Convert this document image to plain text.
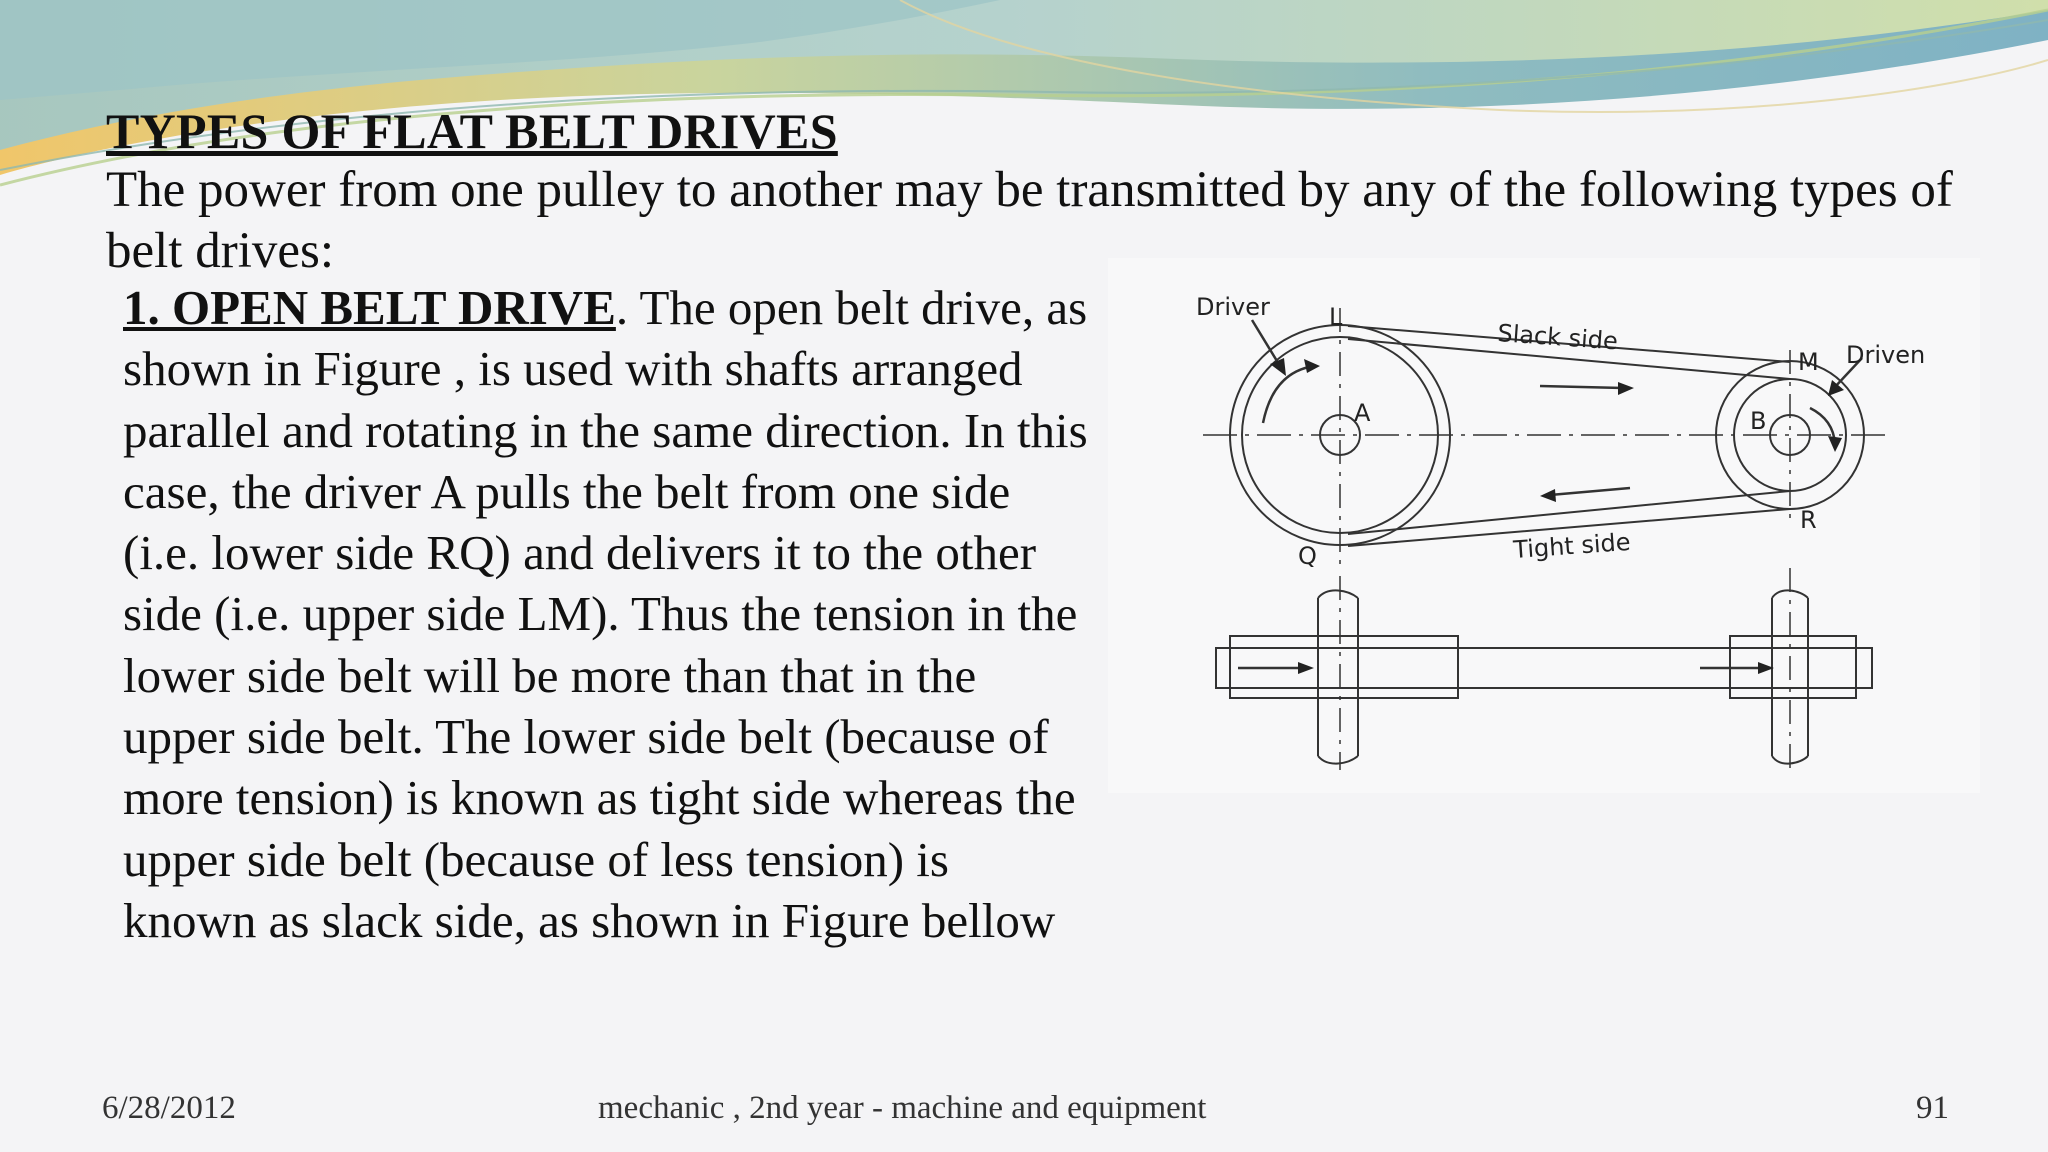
TYPES OF FLAT BELT DRIVES
The power from one pulley to another may be transmitted by any of the following types of belt drives:
1. OPEN BELT DRIVE. The open belt drive, as shown in Figure , is used with shafts arranged parallel and rotating in the same direction. In this case, the driver A pulls the belt from one side (i.e. lower side RQ) and delivers it to the other side (i.e. upper side LM). Thus the tension in the lower side belt will be more than that in the upper side belt. The lower side belt (because of more tension) is known as tight side whereas the upper side belt (because of less tension) is known as slack side, as shown in Figure bellow
Driver L
Slack side
M Driven
A	B
R
Q	Tight side
6/28/2012	mechanic , 2nd year - machine and equipment	91
